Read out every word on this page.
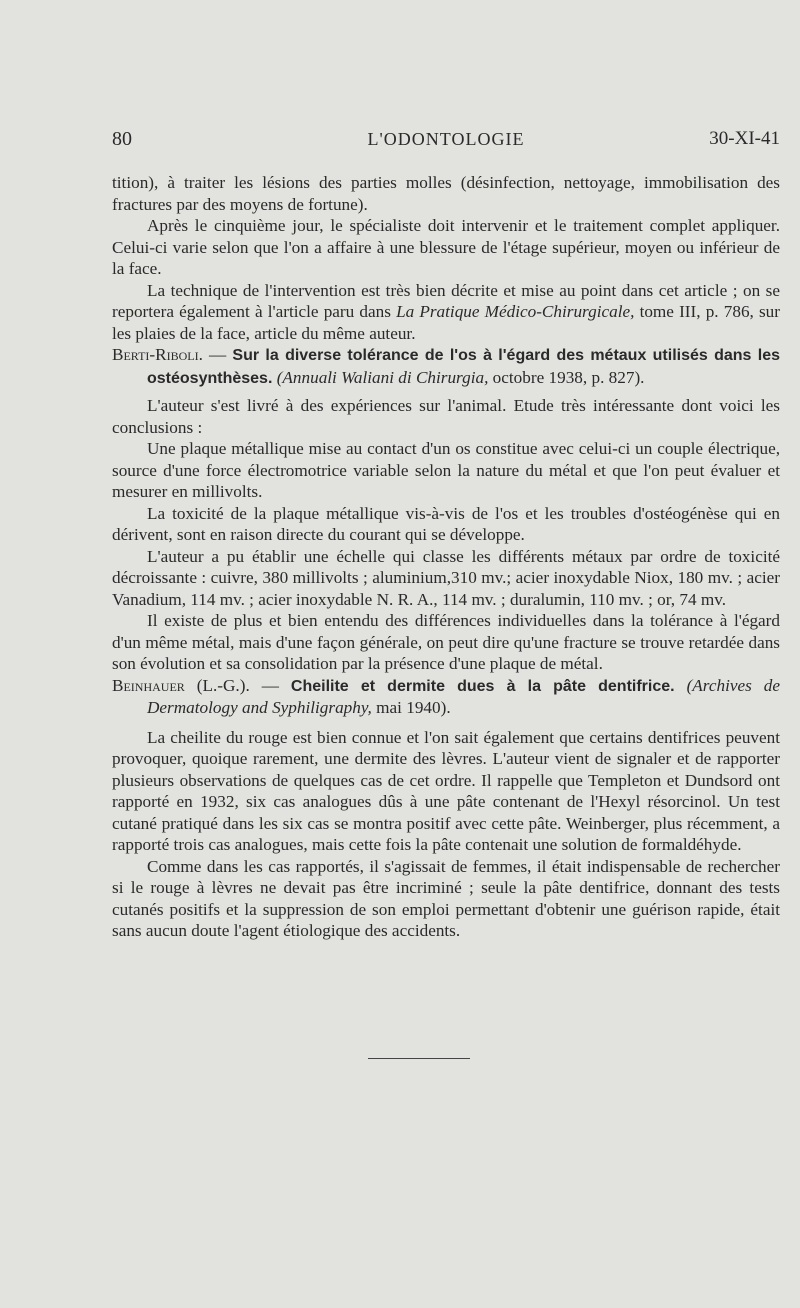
80	L'ODONTOLOGIE	30-XI-41

tition), à traiter les lésions des parties molles (désinfection, nettoyage, immobilisation des fractures par des moyens de fortune).

Après le cinquième jour, le spécialiste doit intervenir et le traitement complet appliquer. Celui-ci varie selon que l'on a affaire à une blessure de l'étage supérieur, moyen ou inférieur de la face.

La technique de l'intervention est très bien décrite et mise au point dans cet article ; on se reportera également à l'article paru dans La Pratique Médico-Chirurgicale, tome III, p. 786, sur les plaies de la face, article du même auteur.

Berti-Riboli. — Sur la diverse tolérance de l'os à l'égard des métaux utilisés dans les ostéosynthèses. (Annuali Waliani di Chirurgia, octobre 1938, p. 827).

L'auteur s'est livré à des expériences sur l'animal. Etude très intéressante dont voici les conclusions :

Une plaque métallique mise au contact d'un os constitue avec celui-ci un couple électrique, source d'une force électromotrice variable selon la nature du métal et que l'on peut évaluer et mesurer en millivolts.

La toxicité de la plaque métallique vis-à-vis de l'os et les troubles d'ostéogénèse qui en dérivent, sont en raison directe du courant qui se développe.

L'auteur a pu établir une échelle qui classe les différents métaux par ordre de toxicité décroissante : cuivre, 380 millivolts ; aluminium,310 mv.; acier inoxydable Niox, 180 mv. ; acier Vanadium, 114 mv. ; acier inoxydable N. R. A., 114 mv. ; duralumin, 110 mv. ; or, 74 mv.

Il existe de plus et bien entendu des différences individuelles dans la tolérance à l'égard d'un même métal, mais d'une façon générale, on peut dire qu'une fracture se trouve retardée dans son évolution et sa consolidation par la présence d'une plaque de métal.

Beinhauer (L.-G.). — Cheilite et dermite dues à la pâte dentifrice. (Archives de Dermatology and Syphiligraphy, mai 1940).

La cheilite du rouge est bien connue et l'on sait également que certains dentifrices peuvent provoquer, quoique rarement, une dermite des lèvres. L'auteur vient de signaler et de rapporter plusieurs observations de quelques cas de cet ordre. Il rappelle que Templeton et Dundsord ont rapporté en 1932, six cas analogues dûs à une pâte contenant de l'Hexyl résorcinol. Un test cutané pratiqué dans les six cas se montra positif avec cette pâte. Weinberger, plus récemment, a rapporté trois cas analogues, mais cette fois la pâte contenait une solution de formaldéhyde.

Comme dans les cas rapportés, il s'agissait de femmes, il était indispensable de rechercher si le rouge à lèvres ne devait pas être incriminé ; seule la pâte dentifrice, donnant des tests cutanés positifs et la suppression de son emploi permettant d'obtenir une guérison rapide, était sans aucun doute l'agent étiologique des accidents.
